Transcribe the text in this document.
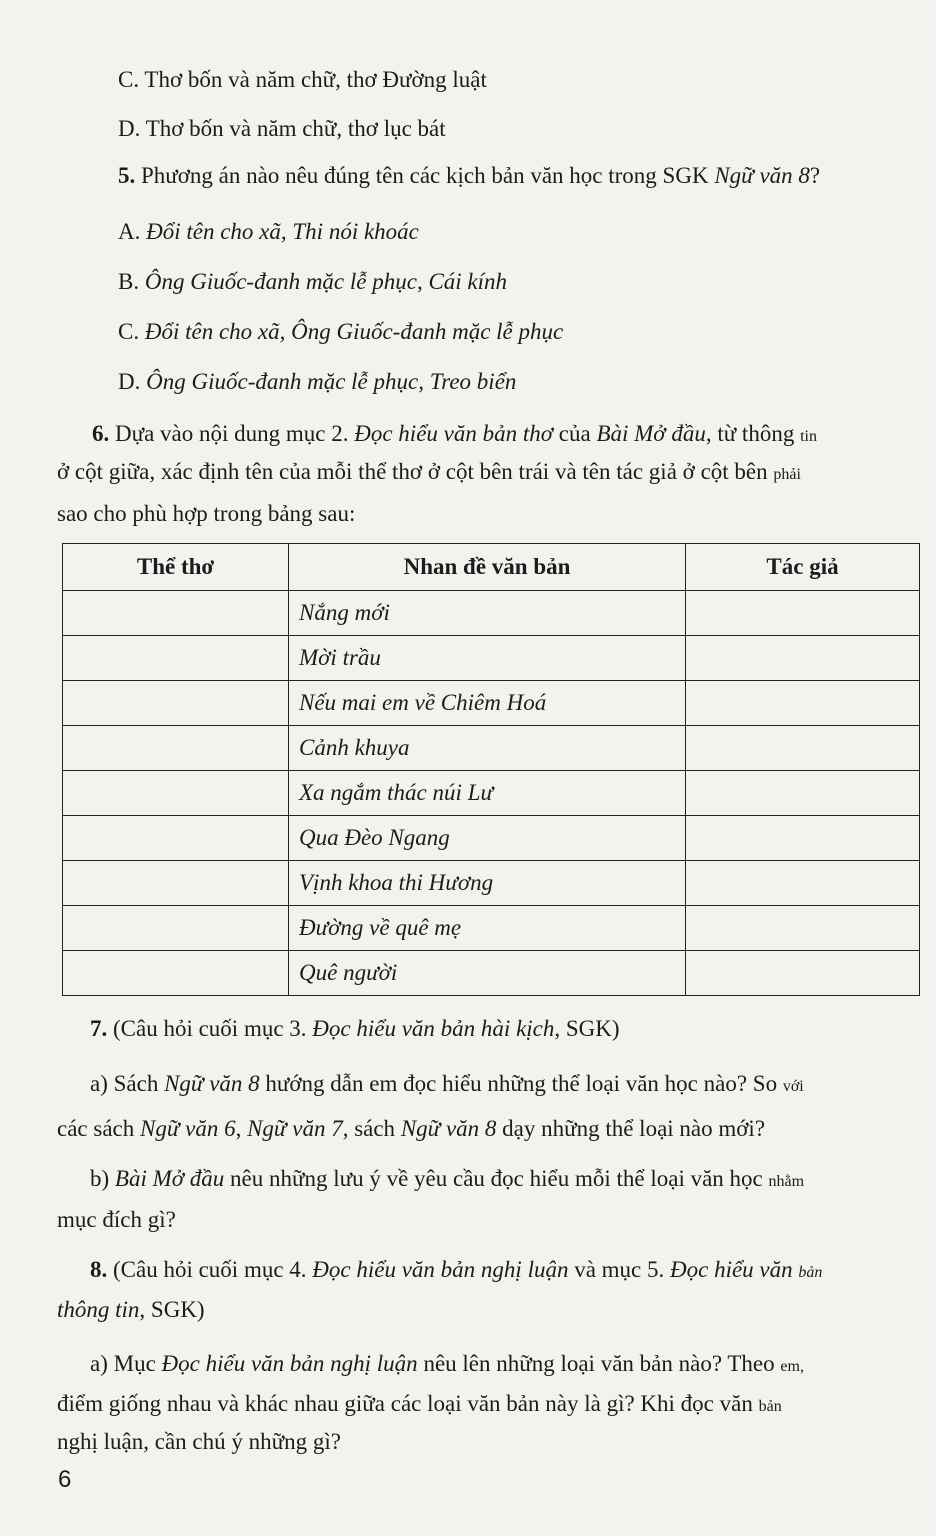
C. Thơ bốn và năm chữ, thơ Đường luật
D. Thơ bốn và năm chữ, thơ lục bát
5. Phương án nào nêu đúng tên các kịch bản văn học trong SGK Ngữ văn 8?
A. Đổi tên cho xã, Thi nói khoác
B. Ông Giuốc-đanh mặc lễ phục, Cái kính
C. Đổi tên cho xã, Ông Giuốc-đanh mặc lễ phục
D. Ông Giuốc-đanh mặc lễ phục, Treo biển
6. Dựa vào nội dung mục 2. Đọc hiểu văn bản thơ của Bài Mở đầu, từ thông tin
ở cột giữa, xác định tên của mỗi thể thơ ở cột bên trái và tên tác giả ở cột bên phải
sao cho phù hợp trong bảng sau:
7. (Câu hỏi cuối mục 3. Đọc hiểu văn bản hài kịch, SGK)
a) Sách Ngữ văn 8 hướng dẫn em đọc hiểu những thể loại văn học nào? So với
các sách Ngữ văn 6, Ngữ văn 7, sách Ngữ văn 8 dạy những thể loại nào mới?
b) Bài Mở đầu nêu những lưu ý về yêu cầu đọc hiểu mỗi thể loại văn học nhằm
mục đích gì?
8. (Câu hỏi cuối mục 4. Đọc hiểu văn bản nghị luận và mục 5. Đọc hiểu văn bản
thông tin, SGK)
a) Mục Đọc hiểu văn bản nghị luận nêu lên những loại văn bản nào? Theo em,
điểm giống nhau và khác nhau giữa các loại văn bản này là gì? Khi đọc văn bản
nghị luận, cần chú ý những gì?
Thể thơ	Nhan đề văn bản	Tác giả
	Nắng mới	
	Mời trầu	
	Nếu mai em về Chiêm Hoá	
	Cảnh khuya	
	Xa ngắm thác núi Lư	
	Qua Đèo Ngang	
	Vịnh khoa thi Hương	
	Đường về quê mẹ	
	Quê người	
6
